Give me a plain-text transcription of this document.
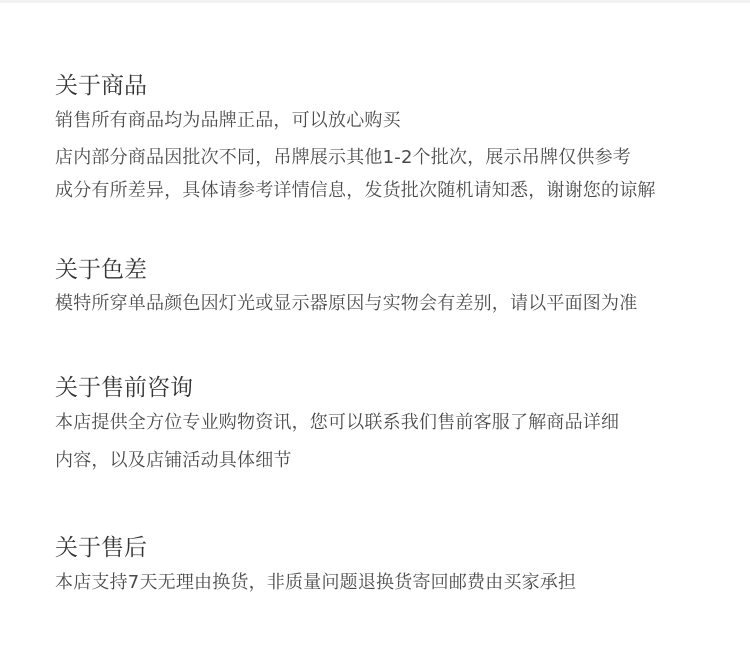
关于商品
销售所有商品均为品牌正品，可以放心购买
店内部分商品因批次不同，吊牌展示其他1-2个批次，展示吊牌仅供参考
成分有所差异，具体请参考详情信息，发货批次随机请知悉，谢谢您的谅解
关于色差
模特所穿单品颜色因灯光或显示器原因与实物会有差别，请以平面图为准
关于售前咨询
本店提供全方位专业购物资讯，您可以联系我们售前客服了解商品详细
内容，以及店铺活动具体细节
关于售后
本店支持7天无理由换货，非质量问题退换货寄回邮费由买家承担
